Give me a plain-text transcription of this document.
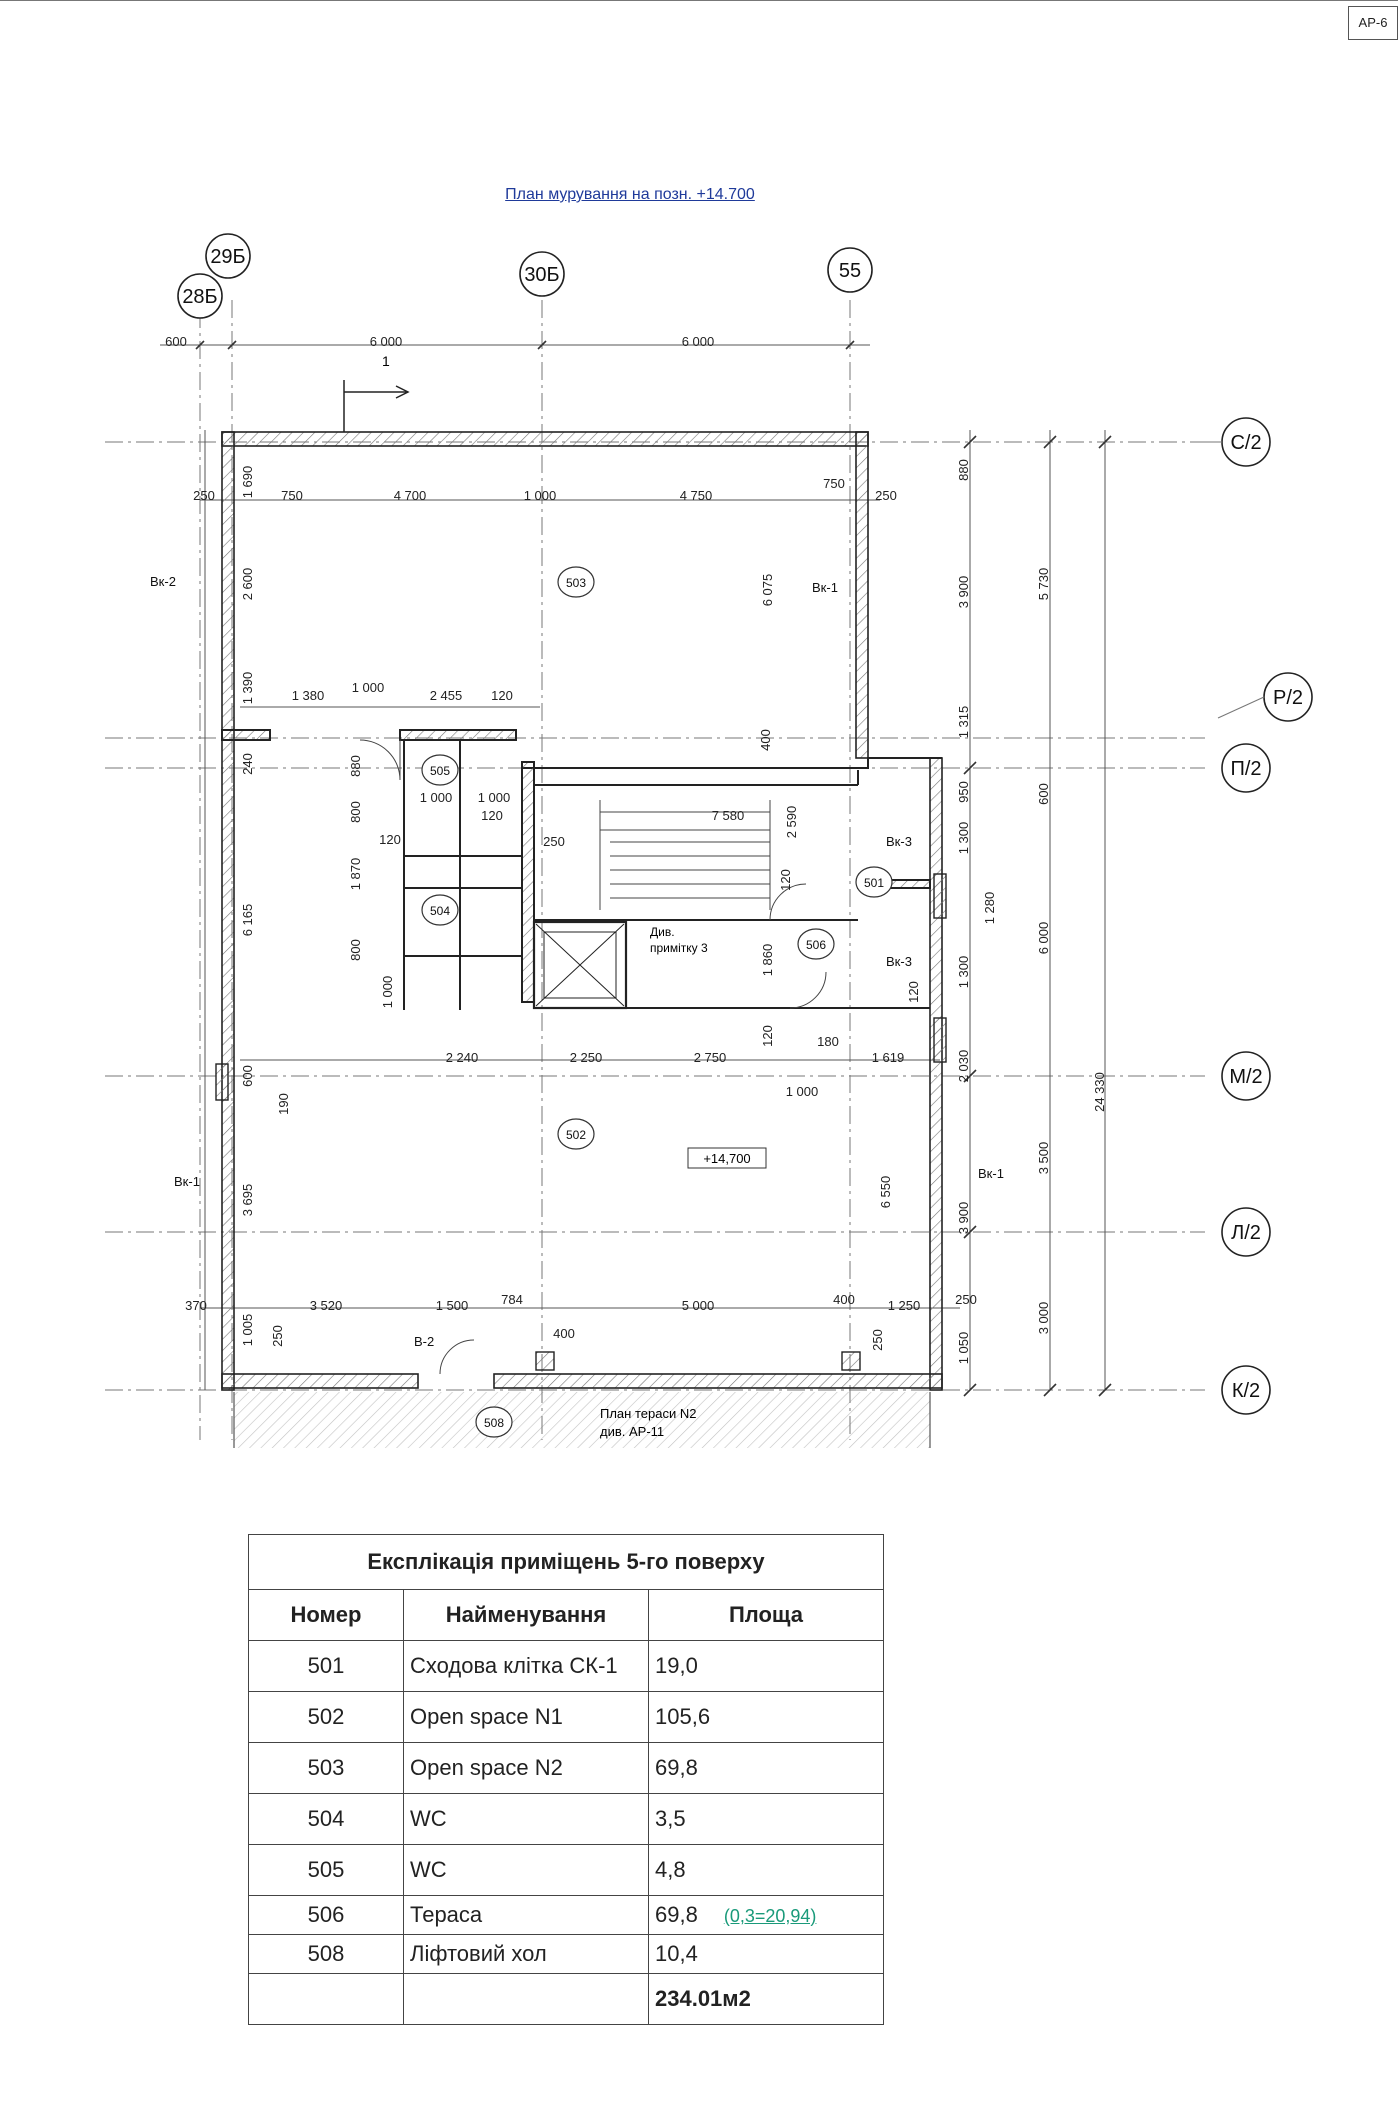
АР-6
План мурування на позн. +14.700
29Б
28Б
30Б	55
С/2
Р/2
П/2
М/2
Л/2
К/2
1
503
505
504
501
506
502
508
+14,700
План тераси N2
див. АР-11
Див.
примітку 3
Вк-2	Вк-1
Вк-3
Вк-3
Вк-1
Вк-1
В-2
600	6 000	6 000
250	750	4 700	1 000	4 750
750
250
1 690
2 600	6 075	3 900	5 730
880
1 390	1 380
1 000
2 455 120
400
1 315
240	880
800
1 000 1 000
120	7 580	2 590
250
950	600
120
1 870	120
1 300
1 280
6 000
6 165
800
1 000
1 860	1 300
120
120	180
2 240	2 250	2 750	1 619
1 000
600
190
2 030
24 330
6 550
3 500
3 695
3 900
370	3 520	1 500	784	5 000	400	1 250	250
1 005 250	400	250	1 050
3 000
Експлікація приміщень 5-го поверху		
Номер	Найменування	Площа
501	Сходова клітка СК-1	19,0
502	Open space N1	105,6
503	Open space N2	69,8
504	WC	3,5
505	WC	4,8
506	Тераса	69,8 (0,3=20,94)
508	Ліфтовий хол	10,4
		234.01м2
